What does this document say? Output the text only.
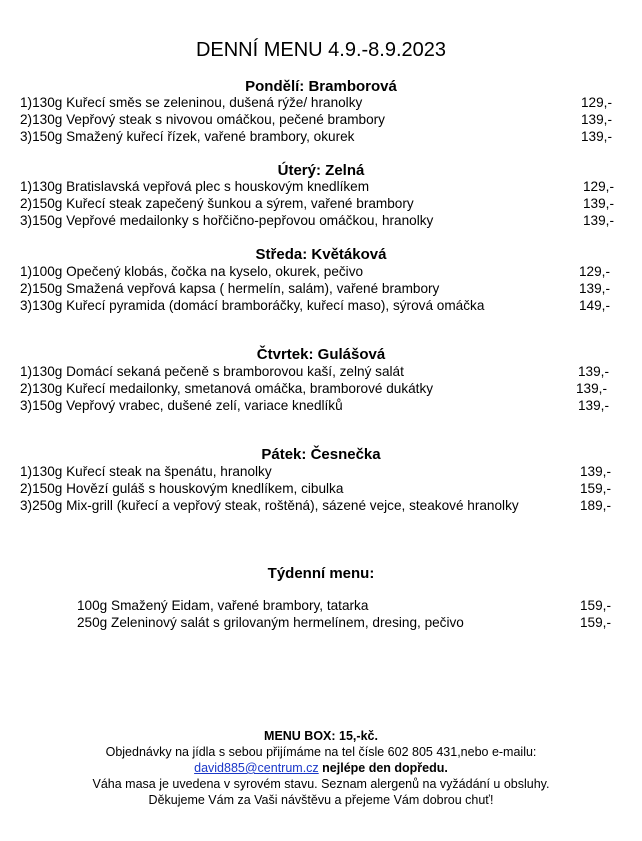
DENNÍ MENU 4.9.-8.9.2023
Pondělí: Bramborová
1)130g Kuřecí směs se zeleninou, dušená rýže/ hranolky	129,-
2)130g Vepřový steak s nivovou omáčkou, pečené brambory	139,-
3)150g Smažený kuřecí řízek, vařené brambory, okurek	139,-
Úterý: Zelná
1)130g Bratislavská vepřová plec s houskovým knedlíkem	129,-
2)150g Kuřecí steak zapečený šunkou a sýrem, vařené brambory	139,-
3)150g Vepřové medailonky s hořčično-pepřovou omáčkou, hranolky	139,-
Středa: Květáková
1)100g Opečený klobás, čočka na kyselo, okurek, pečivo	129,-
2)150g Smažená vepřová kapsa ( hermelín, salám), vařené brambory	139,-
3)130g Kuřecí pyramida (domácí bramboráčky, kuřecí maso), sýrová omáčka	149,-
Čtvrtek: Gulášová
1)130g Domácí sekaná pečeně s bramborovou kaší, zelný salát	139,-
2)130g Kuřecí medailonky, smetanová omáčka, bramborové dukátky	139,-
3)150g Vepřový vrabec, dušené zelí, variace knedlíků	139,-
Pátek: Česnečka
1)130g Kuřecí steak na špenátu, hranolky	139,-
2)150g Hovězí guláš s houskovým knedlíkem, cibulka	159,-
3)250g Mix-grill (kuřecí a vepřový steak, roštěná), sázené vejce, steakové hranolky	189,-
Týdenní menu:
100g Smažený Eidam, vařené brambory, tatarka	159,-
250g Zeleninový salát s grilovaným hermelínem, dresing, pečivo	159,-
MENU BOX: 15,-kč.
Objednávky na jídla s sebou přijímáme na tel čísle 602 805 431,nebo e-mailu:
david885@centrum.cz nejlépe den dopředu.
Váha masa je uvedena v syrovém stavu. Seznam alergenů na vyžádání u obsluhy.
Děkujeme Vám za Vaši návštěvu a přejeme Vám dobrou chuť!
